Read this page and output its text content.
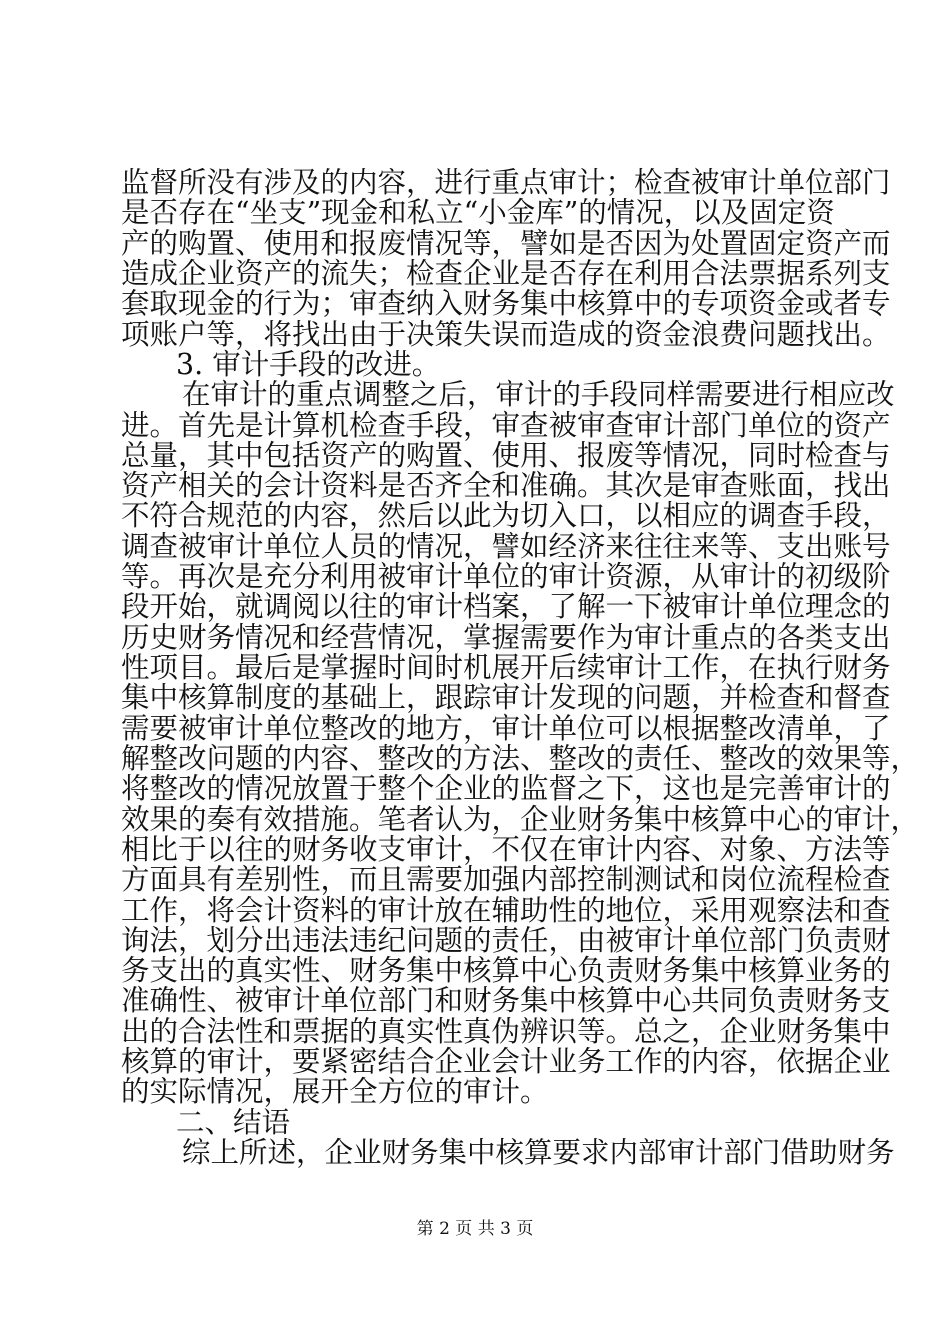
监督所没有涉及的内容，进行重点审计；检查被审计单位部门
是否存在“坐支”现金和私立“小金库”的情况，以及固定资
产的购置、使用和报废情况等，譬如是否因为处置固定资产而
造成企业资产的流失；检查企业是否存在利用合法票据系列支
套取现金的行为；审查纳入财务集中核算中的专项资金或者专
项账户等，将找出由于决策失误而造成的资金浪费问题找出。
3. 审计手段的改进。
在审计的重点调整之后，审计的手段同样需要进行相应改
进。首先是计算机检查手段，审查被审查审计部门单位的资产
总量，其中包括资产的购置、使用、报废等情况，同时检查与
资产相关的会计资料是否齐全和准确。其次是审查账面，找出
不符合规范的内容，然后以此为切入口，以相应的调查手段，
调查被审计单位人员的情况，譬如经济来往往来等、支出账号
等。再次是充分利用被审计单位的审计资源，从审计的初级阶
段开始，就调阅以往的审计档案，了解一下被审计单位理念的
历史财务情况和经营情况，掌握需要作为审计重点的各类支出
性项目。最后是掌握时间时机展开后续审计工作，在执行财务
集中核算制度的基础上，跟踪审计发现的问题，并检查和督查
需要被审计单位整改的地方，审计单位可以根据整改清单，了
解整改问题的内容、整改的方法、整改的责任、整改的效果等，
将整改的情况放置于整个企业的监督之下，这也是完善审计的
效果的奏有效措施。笔者认为，企业财务集中核算中心的审计，
相比于以往的财务收支审计，不仅在审计内容、对象、方法等
方面具有差别性，而且需要加强内部控制测试和岗位流程检查
工作，将会计资料的审计放在辅助性的地位，采用观察法和查
询法，划分出违法违纪问题的责任，由被审计单位部门负责财
务支出的真实性、财务集中核算中心负责财务集中核算业务的
准确性、被审计单位部门和财务集中核算中心共同负责财务支
出的合法性和票据的真实性真伪辨识等。总之，企业财务集中
核算的审计，要紧密结合企业会计业务工作的内容，依据企业
的实际情况，展开全方位的审计。
二、结语
综上所述，企业财务集中核算要求内部审计部门借助财务
第 2 页 共 3 页
